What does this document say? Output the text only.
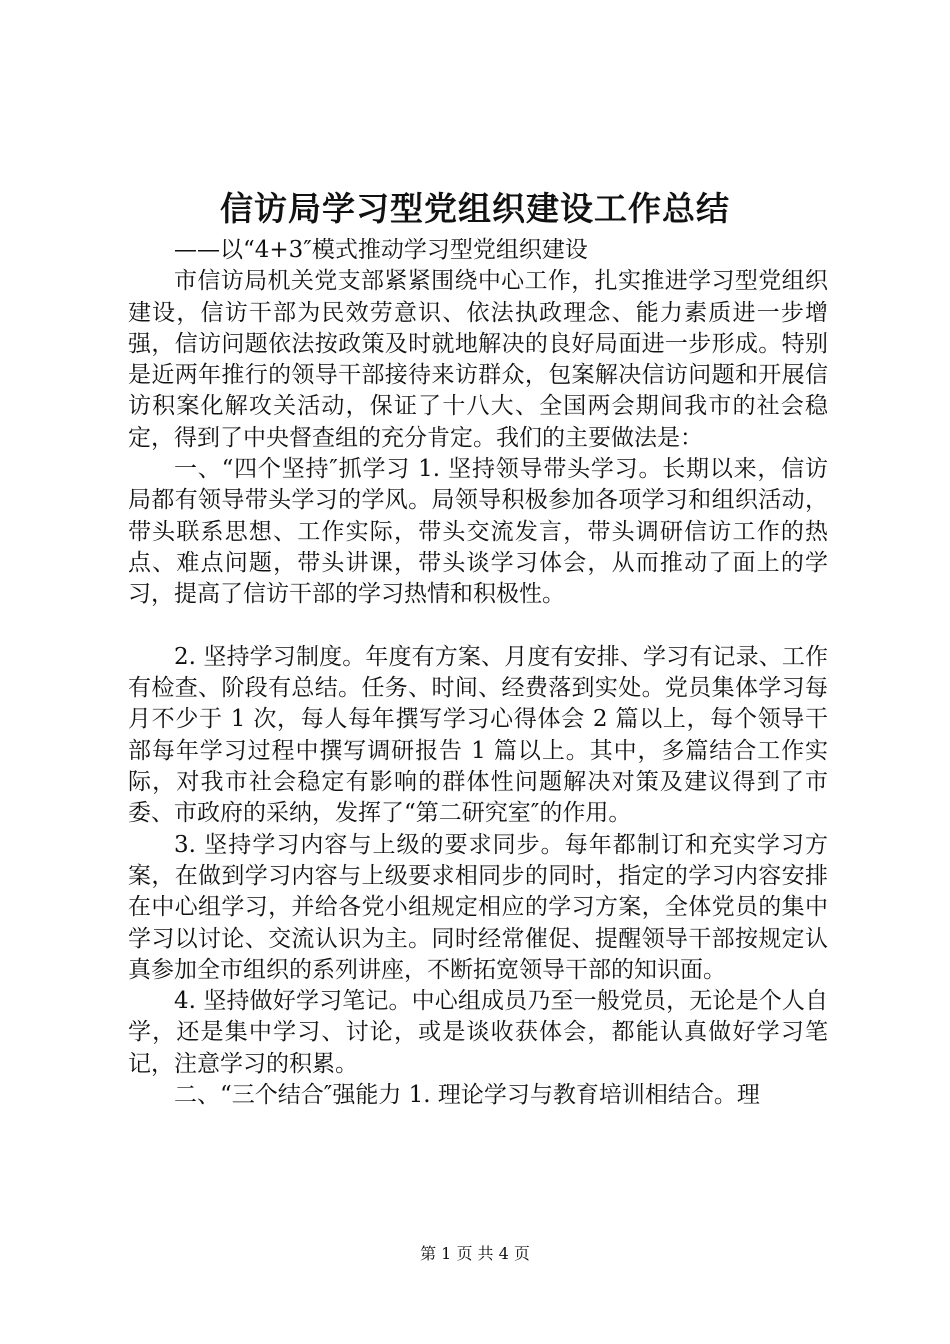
信访局学习型党组织建设工作总结

——以“4+3″模式推动学习型党组织建设

市信访局机关党支部紧紧围绕中心工作，扎实推进学习型党组织建设，信访干部为民效劳意识、依法执政理念、能力素质进一步增强，信访问题依法按政策及时就地解决的良好局面进一步形成。特别是近两年推行的领导干部接待来访群众，包案解决信访问题和开展信访积案化解攻关活动，保证了十八大、全国两会期间我市的社会稳定，得到了中央督查组的充分肯定。我们的主要做法是：

一、“四个坚持″抓学习 1. 坚持领导带头学习。长期以来，信访局都有领导带头学习的学风。局领导积极参加各项学习和组织活动，带头联系思想、工作实际，带头交流发言，带头调研信访工作的热点、难点问题，带头讲课，带头谈学习体会，从而推动了面上的学习，提高了信访干部的学习热情和积极性。

2. 坚持学习制度。年度有方案、月度有安排、学习有记录、工作有检查、阶段有总结。任务、时间、经费落到实处。党员集体学习每月不少于 1 次，每人每年撰写学习心得体会 2 篇以上，每个领导干部每年学习过程中撰写调研报告 1 篇以上。其中，多篇结合工作实际，对我市社会稳定有影响的群体性问题解决对策及建议得到了市委、市政府的采纳，发挥了“第二研究室″的作用。

3. 坚持学习内容与上级的要求同步。每年都制订和充实学习方案，在做到学习内容与上级要求相同步的同时，指定的学习内容安排在中心组学习，并给各党小组规定相应的学习方案，全体党员的集中学习以讨论、交流认识为主。同时经常催促、提醒领导干部按规定认真参加全市组织的系列讲座，不断拓宽领导干部的知识面。

4. 坚持做好学习笔记。中心组成员乃至一般党员，无论是个人自学，还是集中学习、讨论，或是谈收获体会，都能认真做好学习笔记，注意学习的积累。

二、“三个结合″强能力 1. 理论学习与教育培训相结合。理

第 1 页 共 4 页
